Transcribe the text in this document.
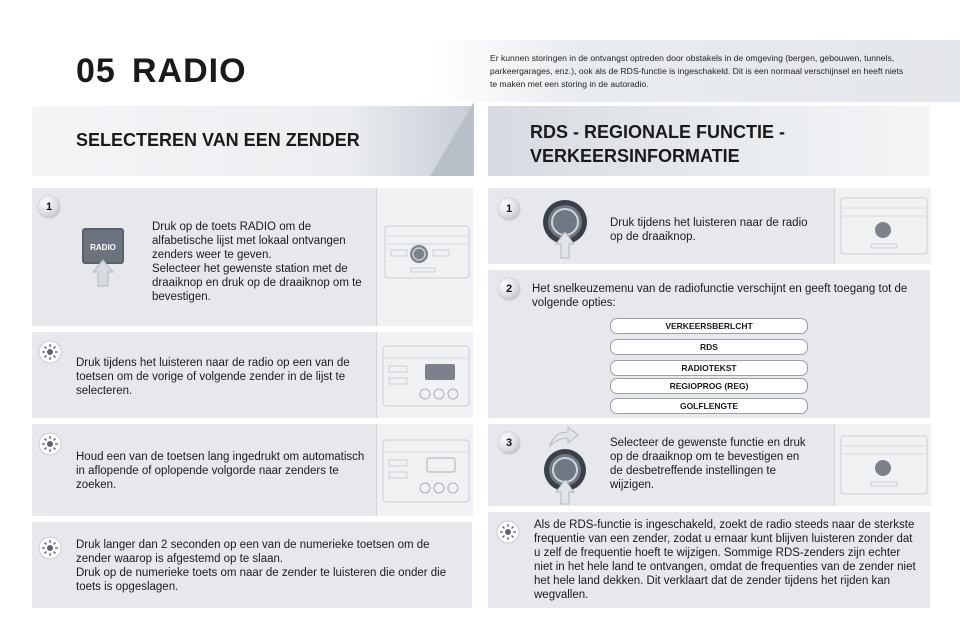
05 RADIO	Er kunnen storingen in de ontvangst optreden door obstakels in de omgeving (bergen, gebouwen, tunnels, parkeergarages, enz.), ook als de RDS-functie is ingeschakeld. Dit is een normaal verschijnsel en heeft niets te maken met een storing in de autoradio.
SELECTEREN VAN EEN ZENDER	RDS - REGIONALE FUNCTIE - VERKEERSINFORMATIE
1
RADIO
Druk op de toets RADIO om de alfabetische lijst met lokaal ontvangen zenders weer te geven.
Selecteer het gewenste station met de draaiknop en druk op de draaiknop om te bevestigen.
Druk tijdens het luisteren naar de radio op een van de toetsen om de vorige of volgende zender in de lijst te selecteren.
Houd een van de toetsen lang ingedrukt om automatisch in aflopende of oplopende volgorde naar zenders te zoeken.
Druk langer dan 2 seconden op een van de numerieke toetsen om de zender waarop is afgestemd op te slaan.
Druk op de numerieke toets om naar de zender te luisteren die onder die toets is opgeslagen.
1
Druk tijdens het luisteren naar de radio op de draaiknop.
2	Het snelkeuzemenu van de radiofunctie verschijnt en geeft toegang tot de volgende opties:
VERKEERSBERLCHT
RDS
RADIOTEKST
REGIOPROG (REG)
GOLFLENGTE
3	Selecteer de gewenste functie en druk op de draaiknop om te bevestigen en de desbetreffende instellingen te wijzigen.
Als de RDS-functie is ingeschakeld, zoekt de radio steeds naar de sterkste frequentie van een zender, zodat u ernaar kunt blijven luisteren zonder dat u zelf de frequentie hoeft te wijzigen. Sommige RDS-zenders zijn echter niet in het hele land te ontvangen, omdat de frequenties van de zender niet het hele land dekken. Dit verklaart dat de zender tijdens het rijden kan wegvallen.
